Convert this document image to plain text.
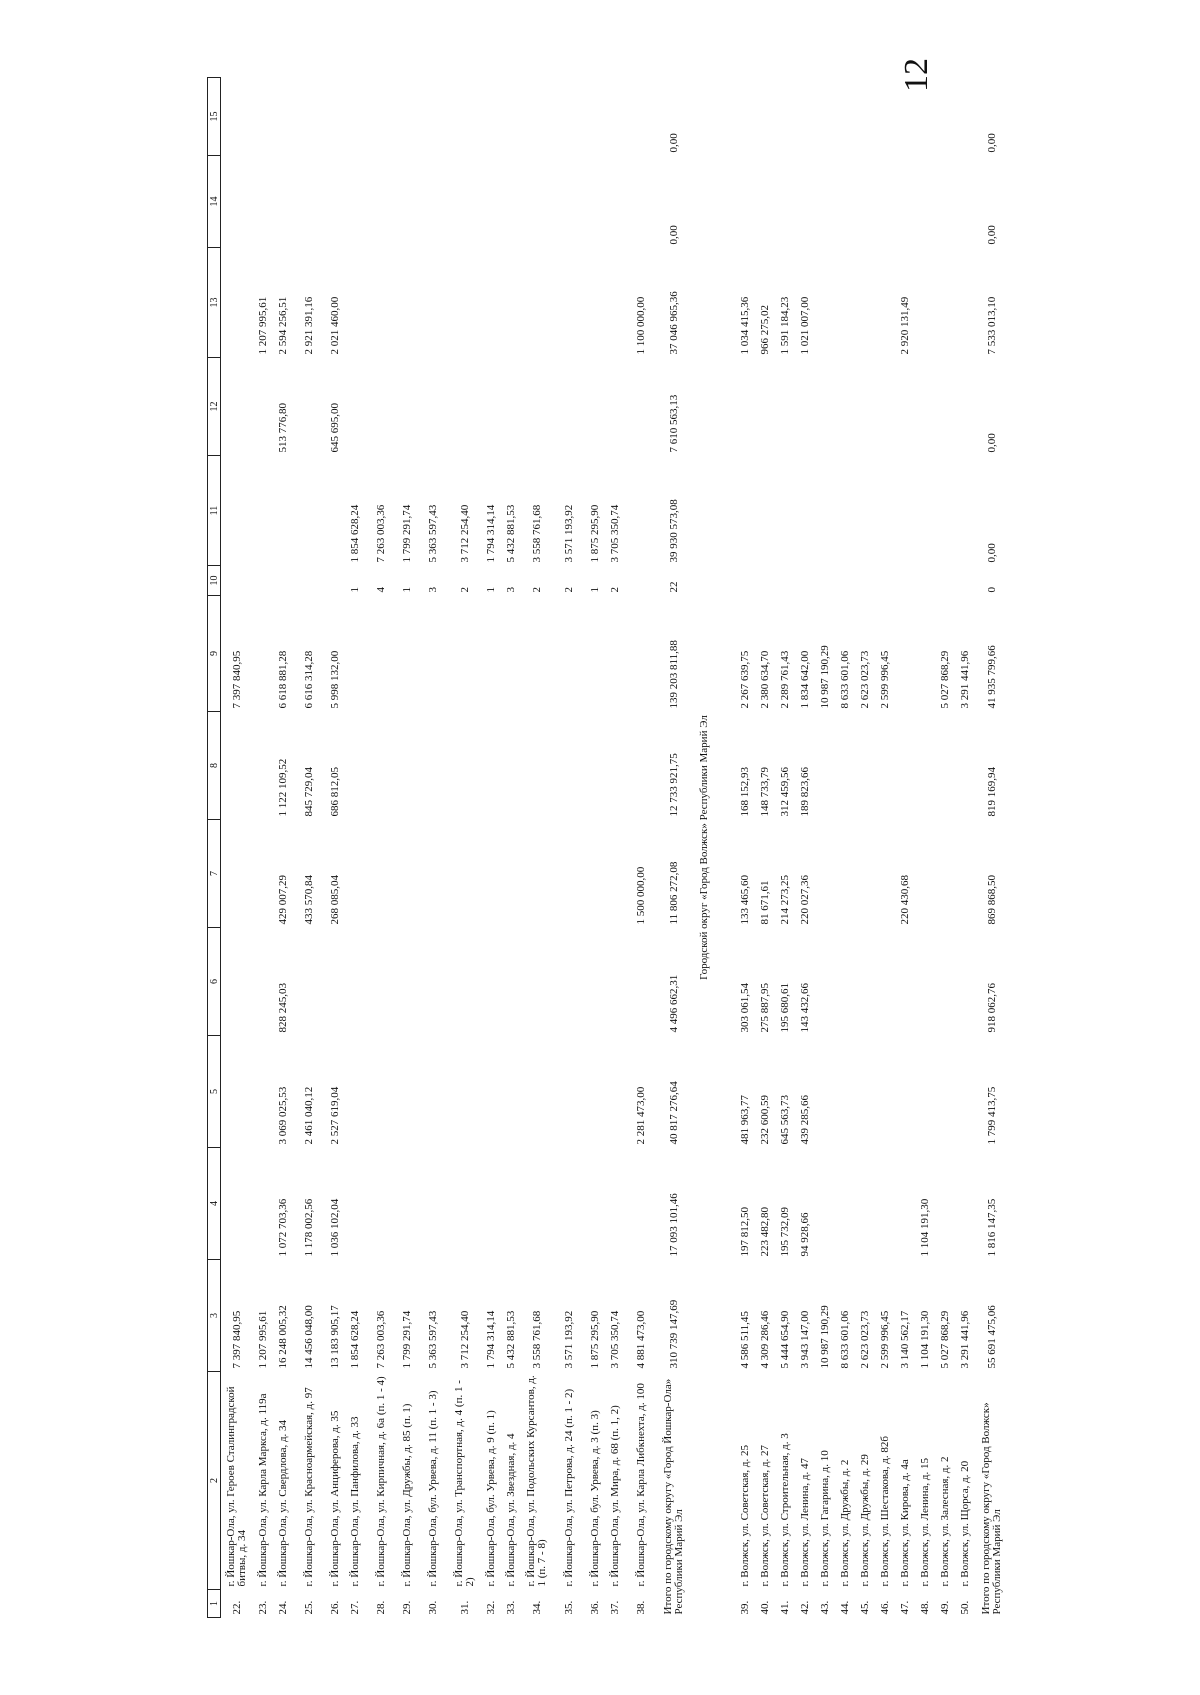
12
1	2	3	4	5	6	7	8	9	10	11	12	13	14	15
22.	г. Йошкар-Ола, ул. Героев Сталинградской битвы, д. 34	7 397 840,95						7 397 840,95						
23.	г. Йошкар-Ола, ул. Карла Маркса, д. 119а	1 207 995,61										1 207 995,61		
24.	г. Йошкар-Ола, ул. Свердлова, д. 34	16 248 005,32	1 072 703,36	3 069 025,53	828 245,03	429 007,29	1 122 109,52	6 618 881,28			513 776,80	2 594 256,51		
25.	г. Йошкар-Ола, ул. Красноармейская, д. 97	14 456 048,00	1 178 002,56	2 461 040,12		433 570,84	845 729,04	6 616 314,28				2 921 391,16		
26.	г. Йошкар-Ола, ул. Анциферова, д. 35	13 183 905,17	1 036 102,04	2 527 619,04		268 085,04	686 812,05	5 998 132,00			645 695,00	2 021 460,00		
27.	г. Йошкар-Ола, ул. Панфилова, д. 33	1 854 628,24							1	1 854 628,24				
28.	г. Йошкар-Ола, ул. Кирпичная, д. 6а (п. 1 - 4)	7 263 003,36							4	7 263 003,36				
29.	г. Йошкар-Ола, ул. Дружбы, д. 85 (п. 1)	1 799 291,74							1	1 799 291,74				
30.	г. Йошкар-Ола, бул. Урвева, д. 11 (п. 1 - 3)	5 363 597,43							3	5 363 597,43				
31.	г. Йошкар-Ола, ул. Транспортная, д. 4 (п. 1 - 2)	3 712 254,40							2	3 712 254,40				
32.	г. Йошкар-Ола, бул. Урвева, д. 9 (п. 1)	1 794 314,14							1	1 794 314,14				
33.	г. Йошкар-Ола, ул. Звездная, д. 4	5 432 881,53							3	5 432 881,53				
34.	г. Йошкар-Ола, ул. Подольских Курсантов, д. 1 (п. 7 - 8)	3 558 761,68							2	3 558 761,68				
35.	г. Йошкар-Ола, ул. Петрова, д. 24 (п. 1 - 2)	3 571 193,92							2	3 571 193,92				
36.	г. Йошкар-Ола, бул. Урвева, д. 3 (п. 3)	1 875 295,90							1	1 875 295,90				
37.	г. Йошкар-Ола, ул. Мира, д. 68 (п. 1, 2)	3 705 350,74							2	3 705 350,74				
38.	г. Йошкар-Ола, ул. Карла Либкнехта, д. 100	4 881 473,00		2 281 473,00		1 500 000,00						1 100 000,00		
Итого по городскому округу «Город Йошкар-Ола» Республики Марий Эл		310 739 147,69	17 093 101,46	40 817 276,64	4 496 662,31	11 806 272,08	12 733 921,75	139 203 811,88	22	39 930 573,08	7 610 563,13	37 046 965,36	0,00	0,00
Городской округ «Город Волжск» Республики Марий Эл														

39.	г. Волжск, ул. Советская, д. 25	4 586 511,45	197 812,50	481 963,77	303 061,54	133 465,60	168 152,93	2 267 639,75				1 034 415,36		
40.	г. Волжск, ул. Советская, д. 27	4 309 286,46	223 482,80	232 600,59	275 887,95	81 671,61	148 733,79	2 380 634,70				966 275,02		
41.	г. Волжск, ул. Строительная, д. 3	5 444 654,90	195 732,09	645 563,73	195 680,61	214 273,25	312 459,56	2 289 761,43				1 591 184,23		
42.	г. Волжск, ул. Ленина, д. 47	3 943 147,00	94 928,66	439 285,66	143 432,66	220 027,36	189 823,66	1 834 642,00				1 021 007,00		
43.	г. Волжск, ул. Гагарина, д. 10	10 987 190,29						10 987 190,29						
44.	г. Волжск, ул. Дружбы, д. 2	8 633 601,06						8 633 601,06						
45.	г. Волжск, ул. Дружбы, д. 29	2 623 023,73						2 623 023,73						
46.	г. Волжск, ул. Шестакова, д. 82б	2 599 996,45						2 599 996,45						
47.	г. Волжск, ул. Кирова, д. 4а	3 140 562,17				220 430,68						2 920 131,49		
48.	г. Волжск, ул. Ленина, д. 15	1 104 191,30	1 104 191,30											
49.	г. Волжск, ул. Залесная, д. 2	5 027 868,29						5 027 868,29						
50.	г. Волжск, ул. Щорса, д. 20	3 291 441,96						3 291 441,96						
Итого по городскому округу «Город Волжск» Республики Марий Эл		55 691 475,06	1 816 147,35	1 799 413,75	918 062,76	869 868,50	819 169,94	41 935 799,66	0	0,00	0,00	7 533 013,10	0,00	0,00
